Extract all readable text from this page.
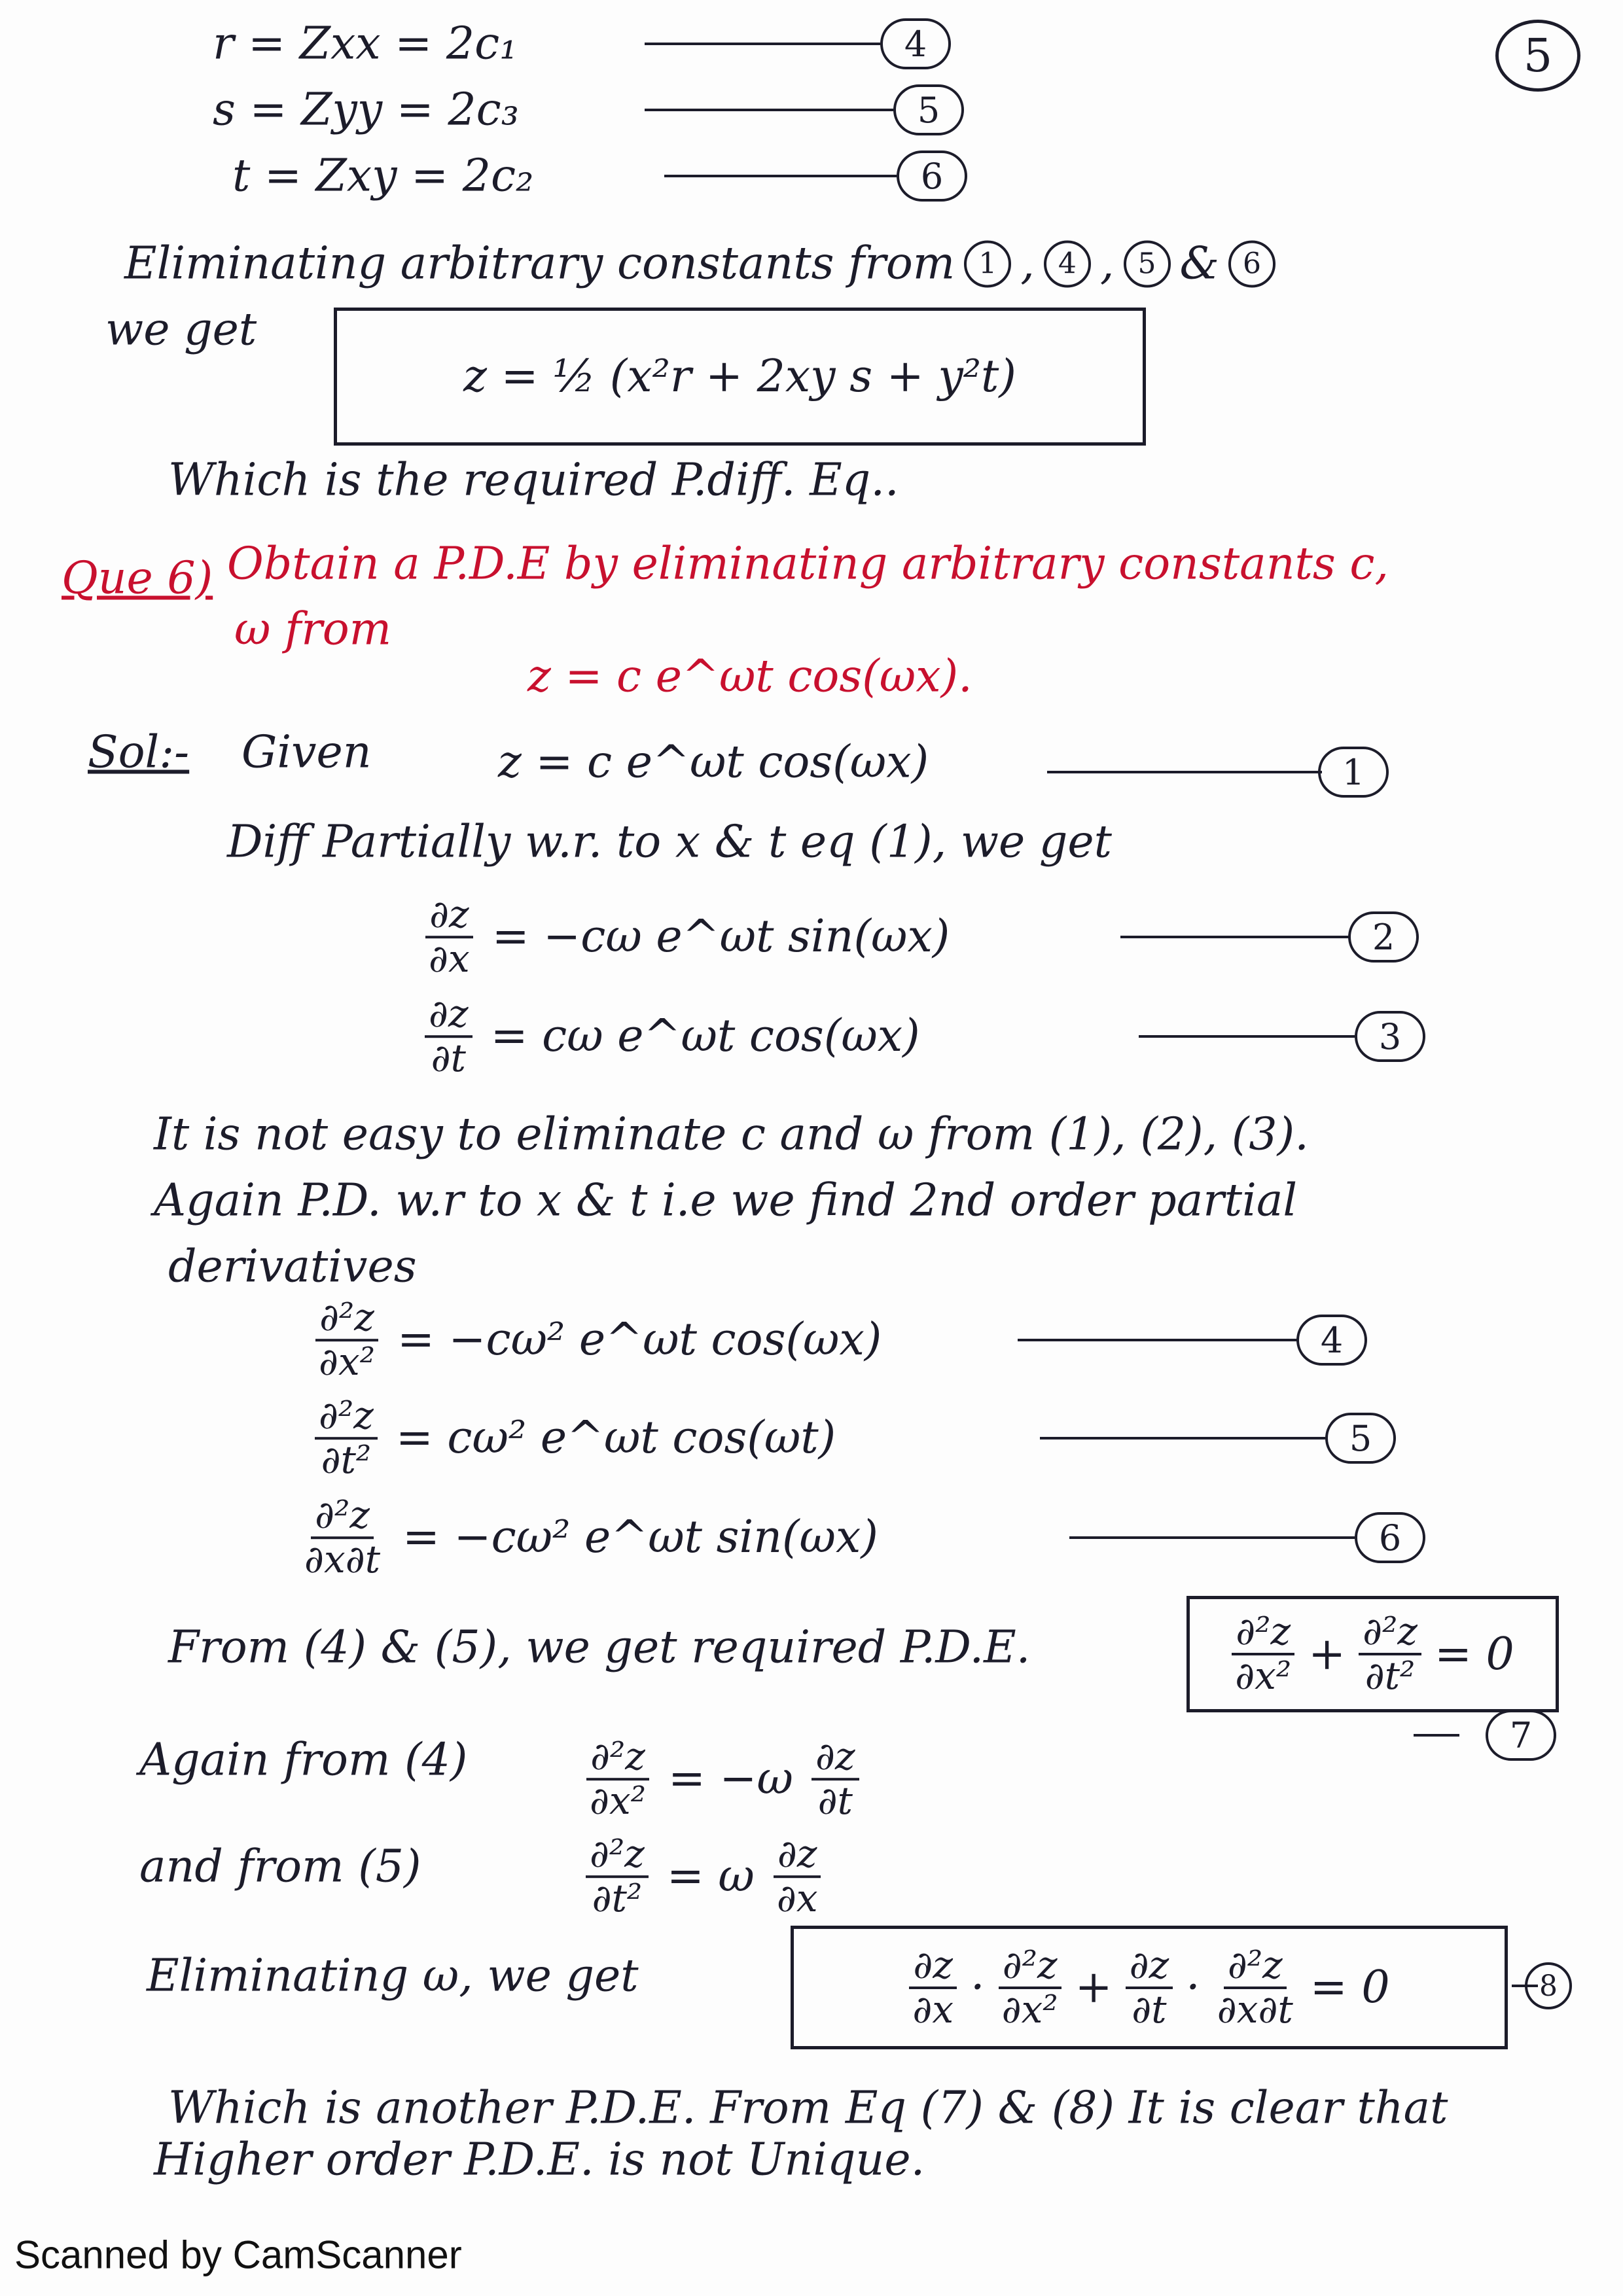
5
r = Zxx = 2c₁	4
s = Zyy = 2c₃	5
t = Zxy = 2c₂	6
Eliminating arbitrary constants from 1 , 4 , 5 & 6
we get
z = ½ (x²r + 2xy s + y²t)
Which is the required P.diff. Eq..
Que 6) Obtain a P.D.E by eliminating arbitrary constants c,
ω from
z = c e^ωt cos(ωx).
Sol:- Given	z = c e^ωt cos(ωx)	1
Diff Partially w.r. to x & t eq (1), we get
$\frac{\partial z}{\partial x} = -c\omega$ e^ωt sin(ωx)	2
$\frac{\partial z}{\partial t} = c\omega$ e^ωt cos(ωx)	3
It is not easy to eliminate c and ω from (1), (2), (3).
Again P.D. w.r to x & t i.e we find 2nd order partial
derivatives
$\frac{\text{∂²z}}{\text{∂x²}} = -c\omega^2$ e^ωt cos(ωx)	4
$\frac{\text{∂²z}}{\text{∂t²}} = c\omega^2$ e^ωt cos(ωt)	5
$\frac{\text{∂²z}}{\partial x\partial t} = -c\omega^2$ e^ωt sin(ωx)	6
From (4) & (5), we get required P.D.E.	$\frac{\text{∂²z}}{\text{∂x²}} + \frac{\text{∂²z}}{\text{∂t²}} = 0$
7
Again from (4)	$\frac{\text{∂²z}}{\text{∂x²}} = -\omega \frac{\partial z}{\partial t}$
and from (5)	$\frac{\text{∂²z}}{\text{∂t²}} = \omega \frac{\partial z}{\partial x}$
Eliminating ω, we get	$\frac{\partial z}{\partial x} \cdot \frac{\text{∂²z}}{\text{∂x²}} + \frac{\partial z}{\partial t} \cdot \frac{\text{∂²z}}{\partial x\partial t} = 0$	8
Which is another P.D.E. From Eq (7) & (8) It is clear that
Higher order P.D.E. is not Unique.
Scanned by CamScanner
